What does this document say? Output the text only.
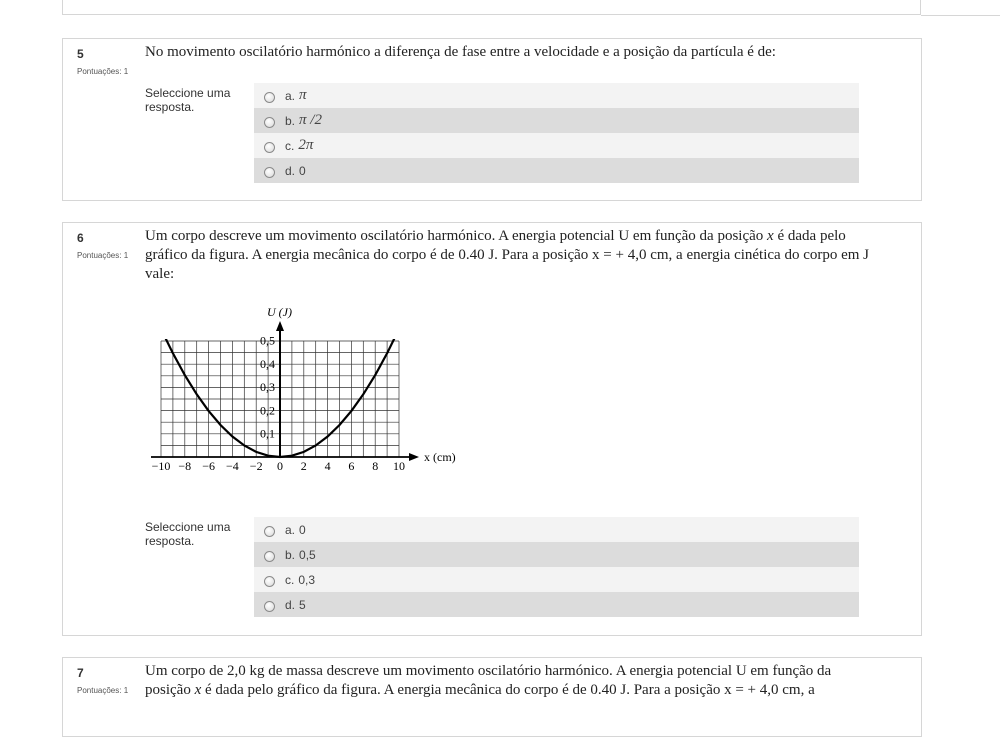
5
Pontuações: 1
No movimento oscilatório harmónico a diferença de fase entre a velocidade e a posição da partícula é de:
Seleccione uma resposta.
a. π
b. π /2
c. 2π
d. 0
6
Pontuações: 1
Um corpo descreve um movimento oscilatório harmónico. A energia potencial U em função da posição x é dada pelo gráfico da figura. A energia mecânica do corpo é de 0.40 J. Para a posição x = + 4,0 cm, a energia cinética do corpo em J vale:
U (J)
x (cm)
−10 −8 −6 −4 −2 0 2 4 6 8 10
0,1
0,2
0,3
0,4
0,5
Seleccione uma resposta.
a. 0
b. 0,5
c. 0,3
d. 5
7
Pontuações: 1
Um corpo de 2,0 kg de massa descreve um movimento oscilatório harmónico. A energia potencial U em função da posição x é dada pelo gráfico da figura. A energia mecânica do corpo é de 0.40 J. Para a posição x = + 4,0 cm, a
